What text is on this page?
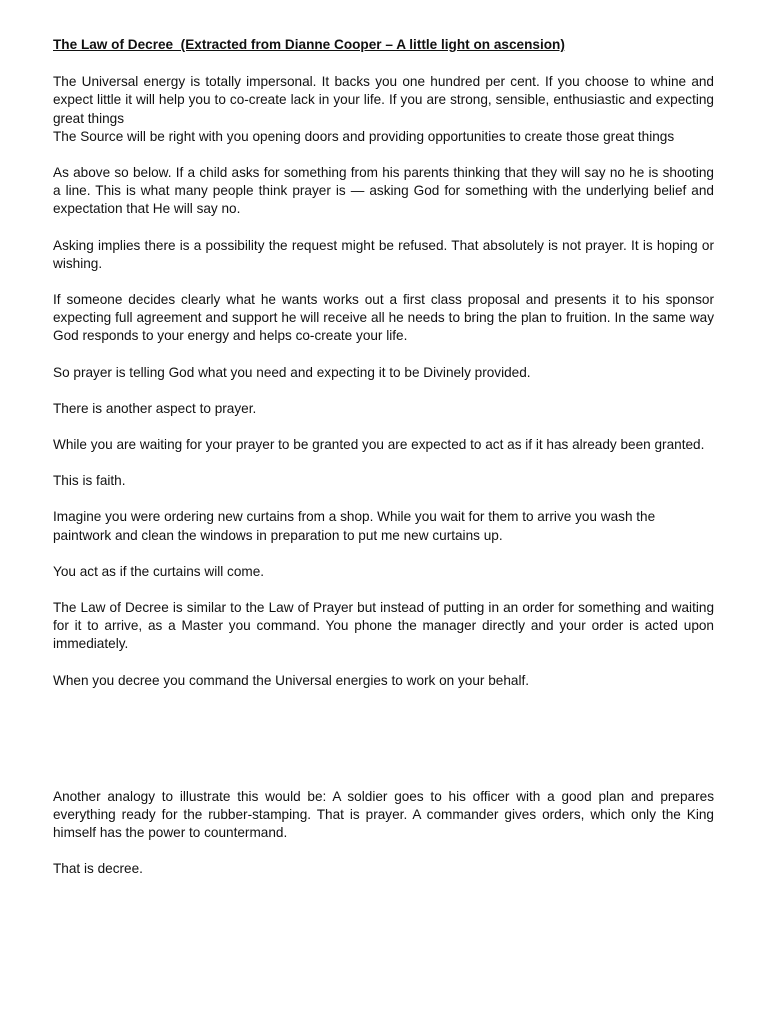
The Law of Decree  (Extracted from Dianne Cooper – A little light on ascension)

The Universal energy is totally impersonal. It backs you one hundred per cent. If you choose to whine and expect little it will help you to co-create lack in your life. If you are strong, sensible, enthusiastic and expecting great things
The Source will be right with you opening doors and providing opportunities to create those great things

As above so below. If a child asks for something from his parents thinking that they will say no he is shooting a line. This is what many people think prayer is — asking God for something with the underlying belief and expectation that He will say no.

Asking implies there is a possibility the request might be refused. That absolutely is not prayer. It is hoping or wishing.

If someone decides clearly what he wants works out a first class proposal and presents it to his sponsor expecting full agreement and support he will receive all he needs to bring the plan to fruition. In the same way God responds to your energy and helps co-create your life.

So prayer is telling God what you need and expecting it to be Divinely provided.

There is another aspect to prayer.

While you are waiting for your prayer to be granted you are expected to act as if it has already been granted.

This is faith.

Imagine you were ordering new curtains from a shop. While you wait for them to arrive you wash the paintwork and clean the windows in preparation to put me new curtains up.

You act as if the curtains will come.

The Law of Decree is similar to the Law of Prayer but instead of putting in an order for something and waiting for it to arrive, as a Master you command. You phone the manager directly and your order is acted upon immediately.

When you decree you command the Universal energies to work on your behalf.

Another analogy to illustrate this would be: A soldier goes to his officer with a good plan and prepares everything ready for the rubber-stamping. That is prayer. A commander gives orders, which only the King himself has the power to countermand.

That is decree.
